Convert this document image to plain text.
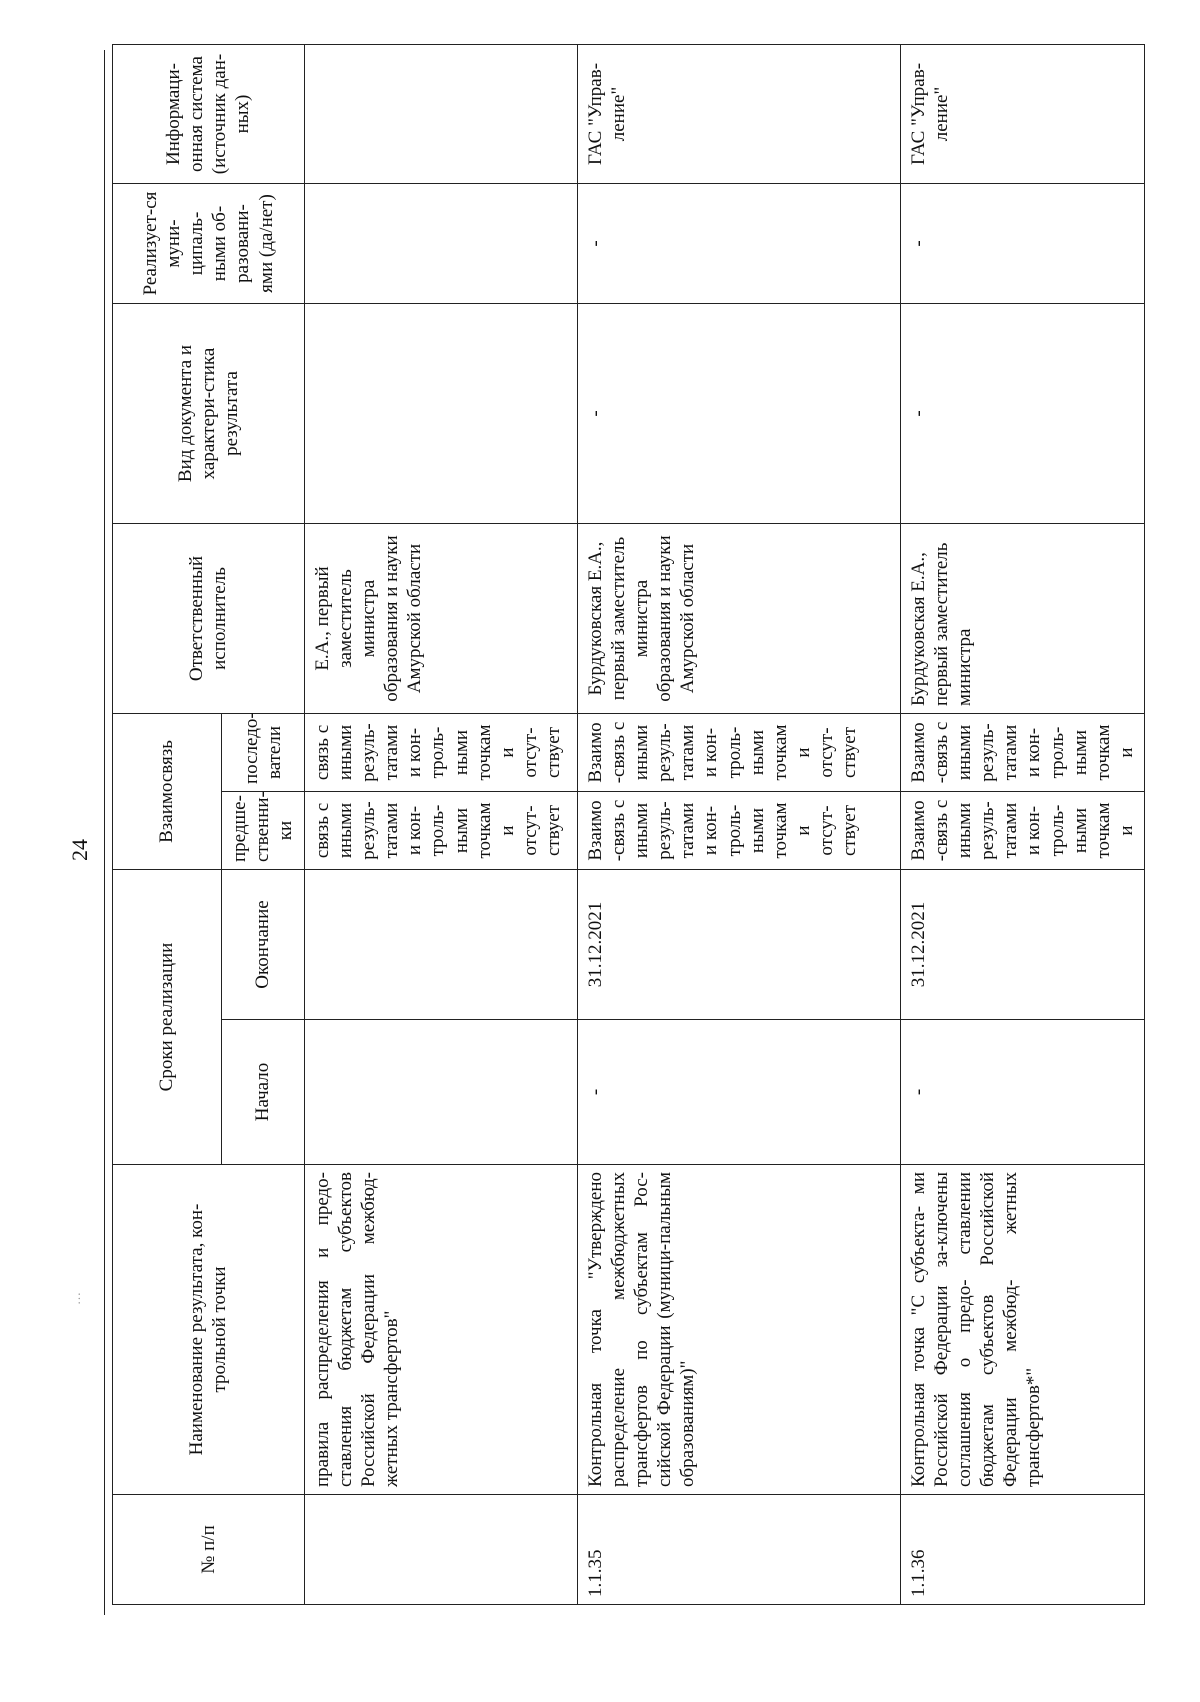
24
…
№ п/п	Наименование результата, кон-трольной точки	Сроки реализации		Взаимосвязь		Ответственный исполнитель	Вид документа и характери-стика результата	Реализует-ся муни-ципаль-ными об-разовани-ями (да/нет)	Информаци-онная система (источник дан-ных)
		Начало	Окончание	предше-ственни-ки	последо-ватели				
	правила распределения и предо-ставления бюджетам субъектов Российской Федерации межбюд-жетных трансфертов"			связь с иными резуль-татами и кон-троль-ными точками отсут-ствует	связь с иными резуль-татами и кон-троль-ными точками отсут-ствует	Е.А., первый заместитель министра образования и науки Амурской области			
1.1.35	Контрольная точка "Утверждено распределение межбюджетных трансфертов по субъектам Рос-сийской Федерации (муници-пальным образованиям)"	-	31.12.2021	Взаимо-связь с иными резуль-татами и кон-троль-ными точками отсут-ствует	Взаимо-связь с иными резуль-татами и кон-троль-ными точками отсут-ствует	Бурдуковская Е.А., первый заместитель министра образования и науки Амурской области	-	-	ГАС "Управ-ление"
1.1.36	Контрольная точка "С субъекта- ми Российской Федерации за-ключены соглашения о предо- ставлении бюджетам субъектов Российской Федерации межбюд- жетных трансфертов*"	-	31.12.2021	Взаимо-связь с иными резуль-татами и кон-троль-ными точками	Взаимо-связь с иными резуль-татами и кон-троль-ными точками	Бурдуковская Е.А., первый заместитель министра	-	-	ГАС "Управ-ление"
